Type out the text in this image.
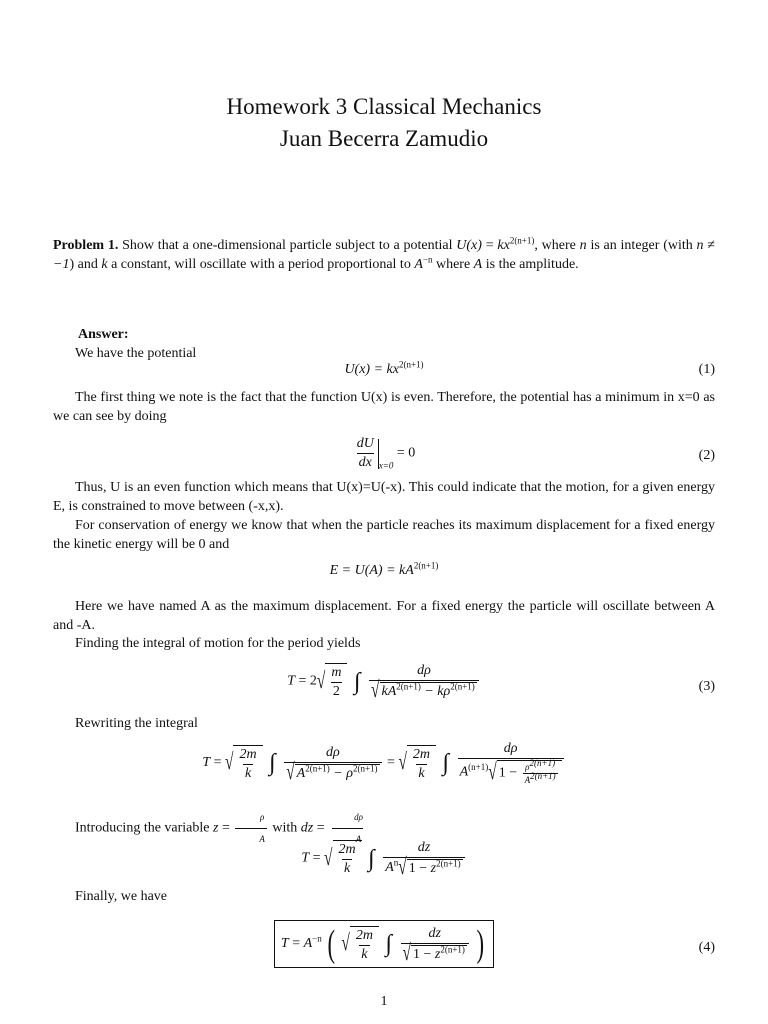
Homework 3 Classical Mechanics
Juan Becerra Zamudio
Problem 1. Show that a one-dimensional particle subject to a potential $U(x) = kx^{2(n+1)}$, where n is an integer (with n ≠ −1) and k a constant, will oscillate with a period proportional to $A^{-n}$ where A is the amplitude.
Answer:
We have the potential
$U(x) = kx^{2(n+1)}$	(1)
The first thing we note is the fact that the function U(x) is even. Therefore, the potential has a minimum in x=0 as we can see by doing
$\frac{dU}{dx} _{x=0} = 0$	(2)
Thus, U is an even function which means that U(x)=U(-x). This could indicate that the motion, for a given energy E, is constrained to move between (-x,x).
For conservation of energy we know that when the particle reaches its maximum displacement for a fixed energy the kinetic energy will be 0 and
$E = U(A) = kA^{2(n+1)}$
Here we have named A as the maximum displacement. For a fixed energy the particle will oscillate between A and -A.
Finding the integral of motion for the period yields
T = 2 √ $\frac{m}{2}$ ∫ $\frac{d\rho}{√ kA^{2(n+1)} - k\rho^{2(n+1)}}$	(3)
Rewriting the integral
T = √ $\frac{2m}{k}$ ∫ $\frac{d\rho}{√ A^{2(n+1)} - \rho^{2(n+1)}}$ = √ $\frac{2m}{k}$ ∫ $\frac{d\rho}{A^{(n+1)} √ 1 - \frac{\rho^{2(n+1)}}{A^{2(n+1)}}}$
Introducing the variable $z = \frac{\rho}{A}$ with dz = $\frac{d\rho}{A}$
T = √ $\frac{2m}{k}$ ∫ $\frac{dz}{A^n √ 1 - z^{2(n+1)}}$
Finally, we have
$T = A^{-n}$ ( √ $\frac{2m}{k}$ ∫ $\frac{dz}{√ 1 - z^{2(n+1)}}$ )	(4)
1
